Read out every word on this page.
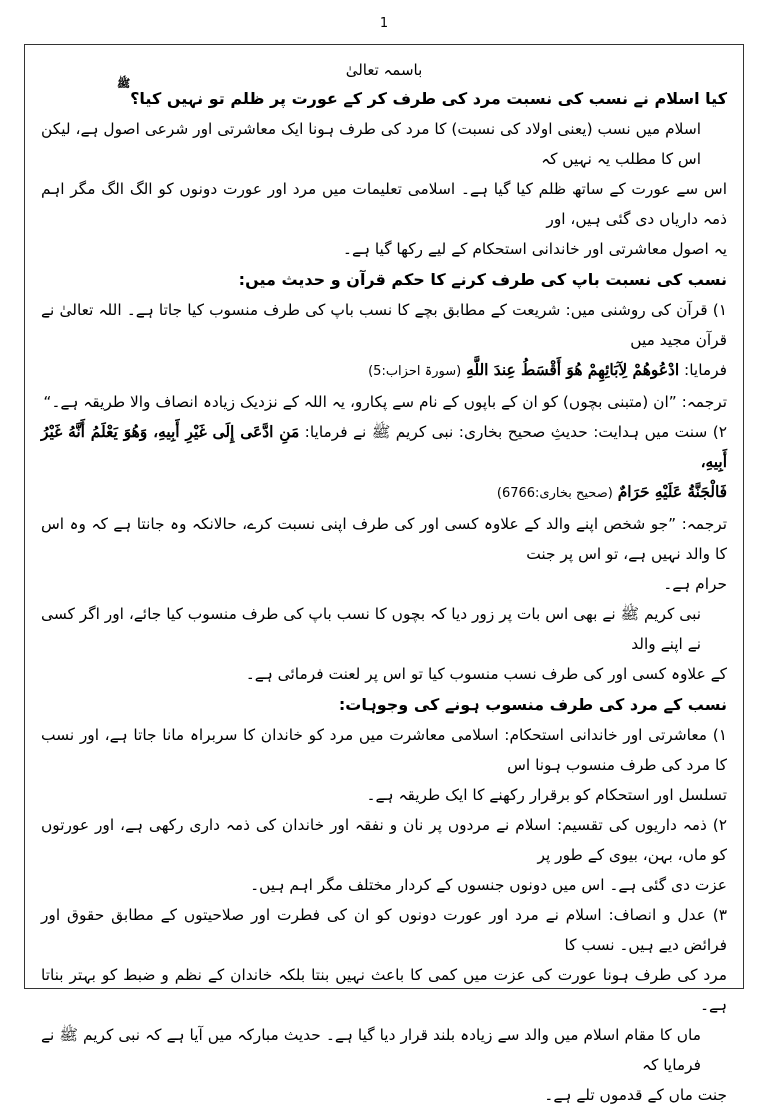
1
ﷺ

باسمہ تعالیٰ

کیا اسلام نے نسب کی نسبت مرد کی طرف کر کے عورت پر ظلم تو نہیں کیا؟

اسلام میں نسب (یعنی اولاد کی نسبت) کا مرد کی طرف ہونا ایک معاشرتی اور شرعی اصول ہے، لیکن اس کا مطلب یہ نہیں کہ

اس سے عورت کے ساتھ ظلم کیا گیا ہے۔ اسلامی تعلیمات میں مرد اور عورت دونوں کو الگ الگ مگر اہم ذمہ داریاں دی گئی ہیں، اور

یہ اصول معاشرتی اور خاندانی استحکام کے لیے رکھا گیا ہے۔

نسب کی نسبت باپ کی طرف کرنے کا حکم قرآن و حدیث میں:

۱) قرآن کی روشنی میں: شریعت کے مطابق بچے کا نسب باپ کی طرف منسوب کیا جاتا ہے۔ اللہ تعالیٰ نے قرآن مجید میں

فرمایا: ادْعُوهُمْ لِآبَائِهِمْ هُوَ أَقْسَطُ عِندَ اللَّهِ (سورۃ احزاب:5)

ترجمہ: ”ان (متبنی بچوں) کو ان کے باپوں کے نام سے پکارو، یہ اللہ کے نزدیک زیادہ انصاف والا طریقہ ہے۔“

۲) سنت میں ہدایت: حدیثِ صحیح بخاری: نبی کریم ﷺ نے فرمایا: مَنِ ادَّعَى إِلَى غَيْرِ أَبِيهِ، وَهُوَ يَعْلَمُ أَنَّهُ غَيْرُ أَبِيهِ،

فَالْجَنَّةُ عَلَيْهِ حَرَامٌ (صحیح بخاری:6766)

ترجمہ: ”جو شخص اپنے والد کے علاوہ کسی اور کی طرف اپنی نسبت کرے، حالانکہ وہ جانتا ہے کہ وہ اس کا والد نہیں ہے، تو اس پر جنت

حرام ہے۔

نبی کریم ﷺ نے بھی اس بات پر زور دیا کہ بچوں کا نسب باپ کی طرف منسوب کیا جائے، اور اگر کسی نے اپنے والد

کے علاوہ کسی اور کی طرف نسب منسوب کیا تو اس پر لعنت فرمائی ہے۔

نسب کے مرد کی طرف منسوب ہونے کی وجوہات:

۱) معاشرتی اور خاندانی استحکام: اسلامی معاشرت میں مرد کو خاندان کا سربراہ مانا جاتا ہے، اور نسب کا مرد کی طرف منسوب ہونا اس

تسلسل اور استحکام کو برقرار رکھنے کا ایک طریقہ ہے۔

۲) ذمہ داریوں کی تقسیم: اسلام نے مردوں پر نان و نفقہ اور خاندان کی ذمہ داری رکھی ہے، اور عورتوں کو ماں، بہن، بیوی کے طور پر

عزت دی گئی ہے۔ اس میں دونوں جنسوں کے کردار مختلف مگر اہم ہیں۔

۳) عدل و انصاف: اسلام نے مرد اور عورت دونوں کو ان کی فطرت اور صلاحیتوں کے مطابق حقوق اور فرائض دیے ہیں۔ نسب کا

مرد کی طرف ہونا عورت کی عزت میں کمی کا باعث نہیں بنتا بلکہ خاندان کے نظم و ضبط کو بہتر بناتا ہے۔

ماں کا مقام اسلام میں والد سے زیادہ بلند قرار دیا گیا ہے۔ حدیث مبارکہ میں آیا ہے کہ نبی کریم ﷺ نے فرمایا کہ

جنت ماں کے قدموں تلے ہے۔
